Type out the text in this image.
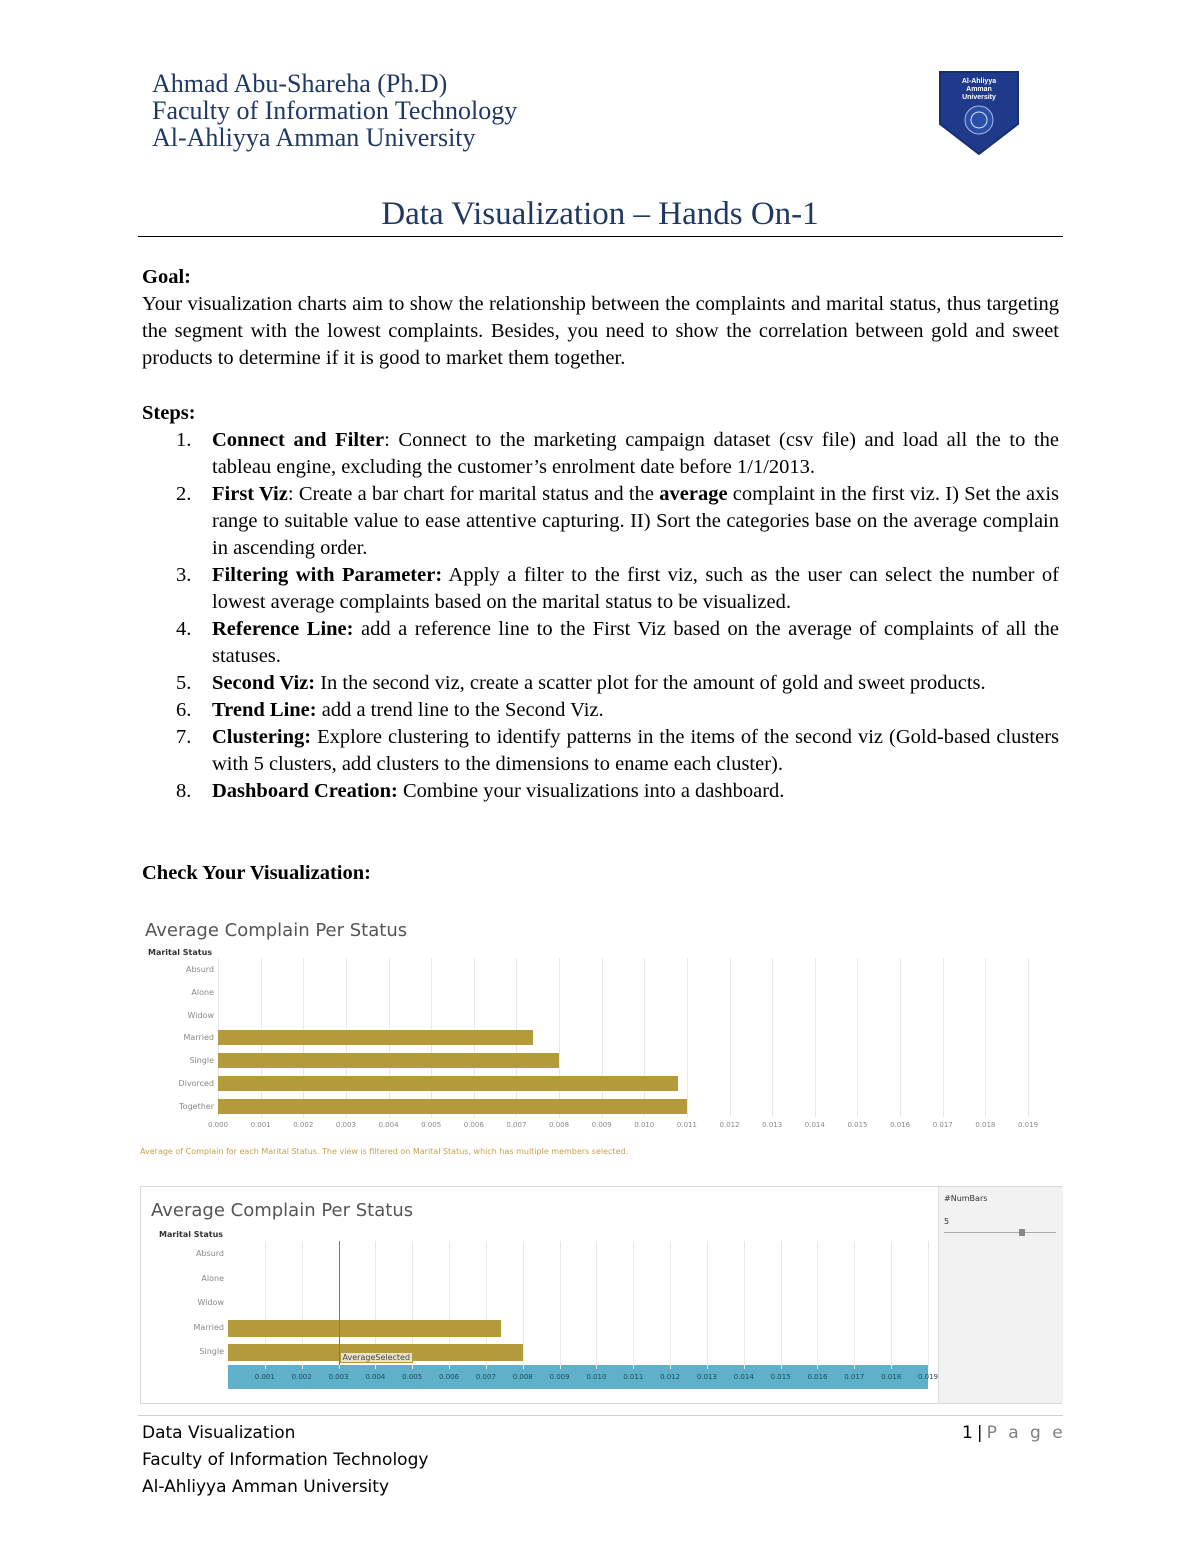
Ahmad Abu-Shareha (Ph.D)
Faculty of Information Technology
Al-Ahliyya Amman University
Al-Ahliyya
Amman
University
Data Visualization – Hands On-1
Goal:
Your visualization charts aim to show the relationship between the complaints and marital status, thus targeting the segment with the lowest complaints. Besides, you need to show the correlation between gold and sweet products to determine if it is good to market them together.
Steps:
1. Connect and Filter: Connect to the marketing campaign dataset (csv file) and load all the to the tableau engine, excluding the customer’s enrolment date before 1/1/2013.
2. First Viz: Create a bar chart for marital status and the average complaint in the first viz. I) Set the axis range to suitable value to ease attentive capturing. II) Sort the categories base on the average complain in ascending order.
3. Filtering with Parameter: Apply a filter to the first viz, such as the user can select the number of lowest average complaints based on the marital status to be visualized.
4. Reference Line: add a reference line to the First Viz based on the average of complaints of all the statuses.
5. Second Viz: In the second viz, create a scatter plot for the amount of gold and sweet products.
6. Trend Line: add a trend line to the Second Viz.
7. Clustering: Explore clustering to identify patterns in the items of the second viz (Gold-based clusters with 5 clusters, add clusters to the dimensions to ename each cluster).
8. Dashboard Creation: Combine your visualizations into a dashboard.
Check Your Visualization:
Average Complain Per Status
Marital Status
Average of Complain for each Marital Status. The view is filtered on Marital Status, which has multiple members selected.
0.000	0.001	0.002	0.003	0.004	0.005	0.006	0.007	0.008	0.009	0.010	0.011	0.012	0.013	0.014	0.015	0.016	0.017	0.018	0.019
Absurd
Alone
Widow
Married
Single
Divorced
Together
Average Complain Per Status
Marital Status
#NumBars
5
0.001 0.002 0.003 0.004 0.005 0.006 0.007 0.008 0.009 0.010 0.011 0.012 0.013 0.014 0.015 0.016 0.017 0.018 0.019
Absurd
Alone
Widow
Married
Single
AverageSelected
Data Visualization
Faculty of Information Technology
Al-Ahliyya Amman University
1 | P a g e
